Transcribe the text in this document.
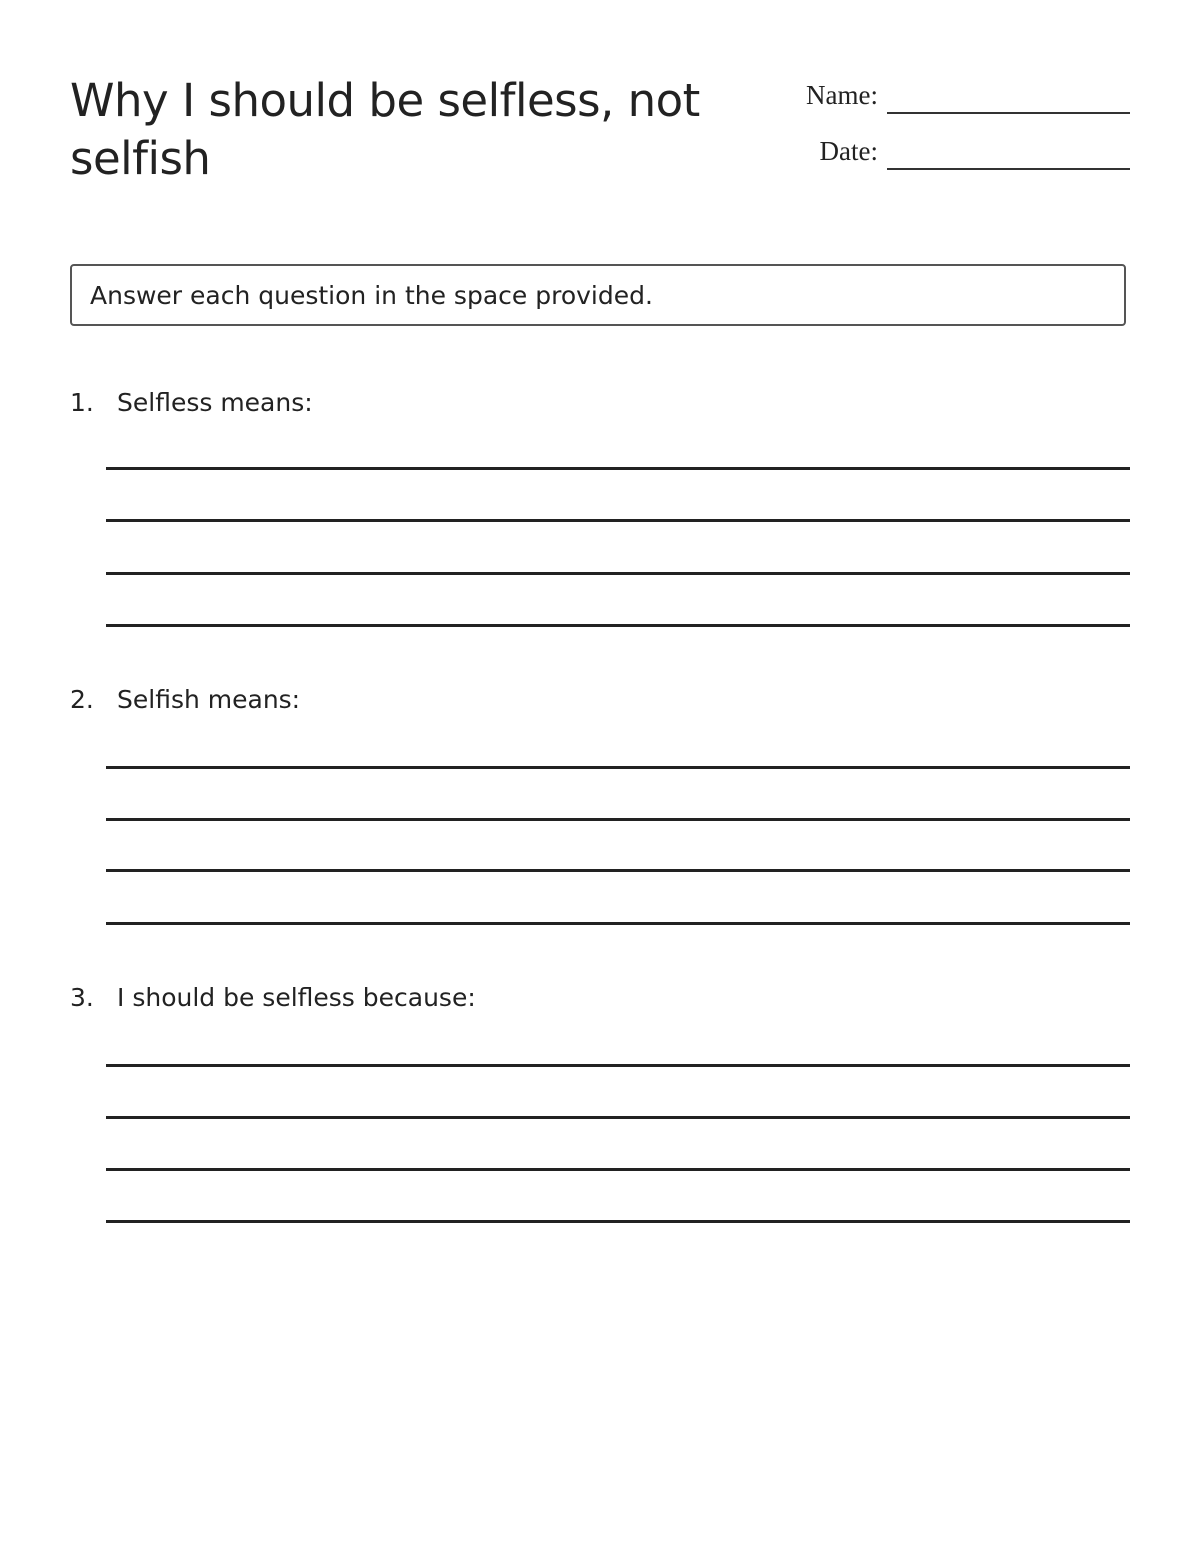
Why I should be selfless, not selfish
Name:
Date:
Answer each question in the space provided.
1. Selfless means:
2. Selfish means:
3. I should be selfless because:
